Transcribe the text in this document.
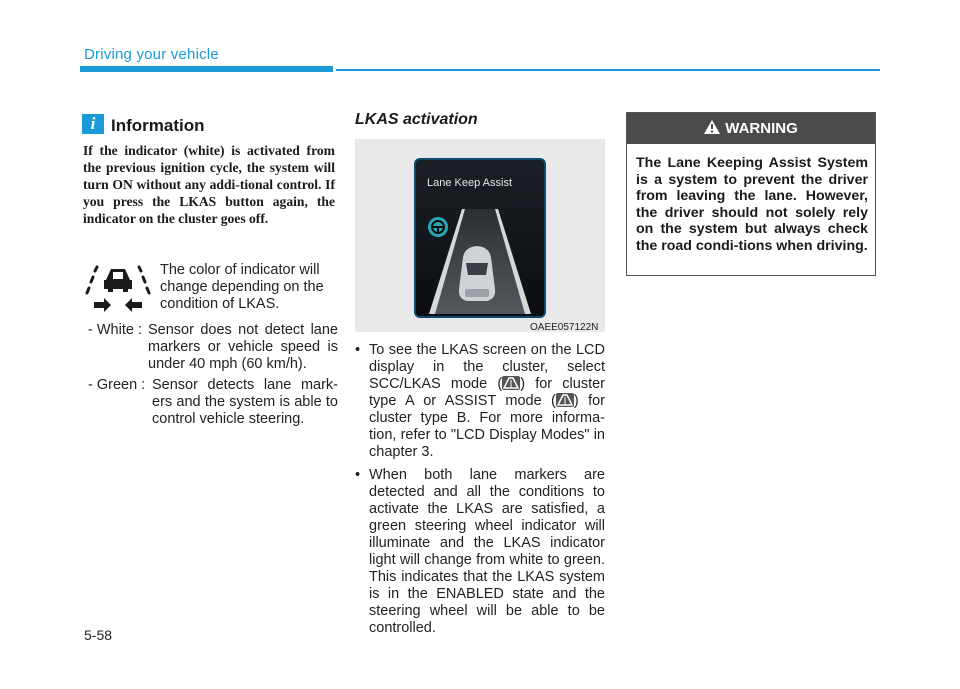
Driving your vehicle
i Information
If the indicator (white) is activated from the previous ignition cycle, the system will turn ON without any addi-tional control. If you press the LKAS button again, the indicator on the cluster goes off.
The color of indicator will change depending on the condition of LKAS.
- White : Sensor does not detect lane markers or vehicle speed is under 40 mph (60 km/h).
- Green : Sensor detects lane mark-ers and the system is able to control vehicle steering.
LKAS activation
Lane Keep Assist
OAEE057122N
• To see the LKAS screen on the LCD display in the cluster, select SCC/LKAS mode ( ) for cluster type A or ASSIST mode ( ) for cluster type B. For more informa-tion, refer to "LCD Display Modes" in chapter 3.
• When both lane markers are detected and all the conditions to activate the LKAS are satisfied, a green steering wheel indicator will illuminate and the LKAS indicator light will change from white to green. This indicates that the LKAS system is in the ENABLED state and the steering wheel will be able to be controlled.
WARNING
The Lane Keeping Assist System is a system to prevent the driver from leaving the lane. However, the driver should not solely rely on the system but always check the road condi-tions when driving.
5-58
